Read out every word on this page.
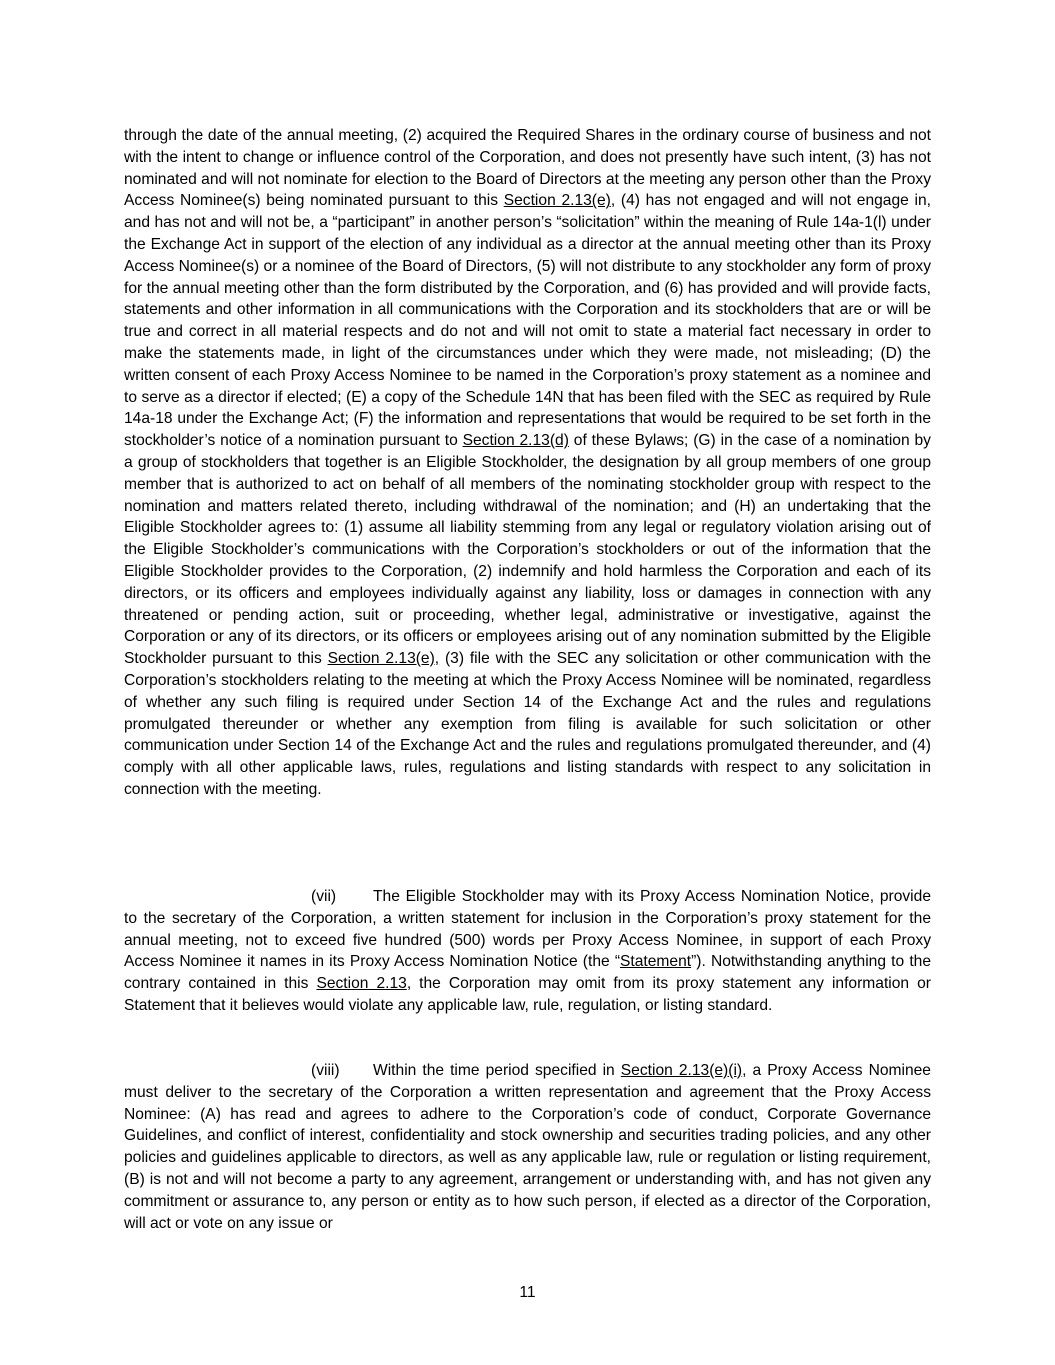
through the date of the annual meeting, (2) acquired the Required Shares in the ordinary course of business and not with the intent to change or influence control of the Corporation, and does not presently have such intent, (3) has not nominated and will not nominate for election to the Board of Directors at the meeting any person other than the Proxy Access Nominee(s) being nominated pursuant to this Section 2.13(e), (4) has not engaged and will not engage in, and has not and will not be, a “participant” in another person’s “solicitation” within the meaning of Rule 14a-1(l) under the Exchange Act in support of the election of any individual as a director at the annual meeting other than its Proxy Access Nominee(s) or a nominee of the Board of Directors, (5) will not distribute to any stockholder any form of proxy for the annual meeting other than the form distributed by the Corporation, and (6) has provided and will provide facts, statements and other information in all communications with the Corporation and its stockholders that are or will be true and correct in all material respects and do not and will not omit to state a material fact necessary in order to make the statements made, in light of the circumstances under which they were made, not misleading; (D) the written consent of each Proxy Access Nominee to be named in the Corporation’s proxy statement as a nominee and to serve as a director if elected; (E) a copy of the Schedule 14N that has been filed with the SEC as required by Rule 14a-18 under the Exchange Act; (F) the information and representations that would be required to be set forth in the stockholder’s notice of a nomination pursuant to Section 2.13(d) of these Bylaws; (G) in the case of a nomination by a group of stockholders that together is an Eligible Stockholder, the designation by all group members of one group member that is authorized to act on behalf of all members of the nominating stockholder group with respect to the nomination and matters related thereto, including withdrawal of the nomination; and (H) an undertaking that the Eligible Stockholder agrees to: (1) assume all liability stemming from any legal or regulatory violation arising out of the Eligible Stockholder’s communications with the Corporation’s stockholders or out of the information that the Eligible Stockholder provides to the Corporation, (2) indemnify and hold harmless the Corporation and each of its directors, or its officers and employees individually against any liability, loss or damages in connection with any threatened or pending action, suit or proceeding, whether legal, administrative or investigative, against the Corporation or any of its directors, or its officers or employees arising out of any nomination submitted by the Eligible Stockholder pursuant to this Section 2.13(e), (3) file with the SEC any solicitation or other communication with the Corporation’s stockholders relating to the meeting at which the Proxy Access Nominee will be nominated, regardless of whether any such filing is required under Section 14 of the Exchange Act and the rules and regulations promulgated thereunder or whether any exemption from filing is available for such solicitation or other communication under Section 14 of the Exchange Act and the rules and regulations promulgated thereunder, and (4) comply with all other applicable laws, rules, regulations and listing standards with respect to any solicitation in connection with the meeting.

(vii) The Eligible Stockholder may with its Proxy Access Nomination Notice, provide to the secretary of the Corporation, a written statement for inclusion in the Corporation’s proxy statement for the annual meeting, not to exceed five hundred (500) words per Proxy Access Nominee, in support of each Proxy Access Nominee it names in its Proxy Access Nomination Notice (the “Statement”). Notwithstanding anything to the contrary contained in this Section 2.13, the Corporation may omit from its proxy statement any information or Statement that it believes would violate any applicable law, rule, regulation, or listing standard.

(viii) Within the time period specified in Section 2.13(e)(i), a Proxy Access Nominee must deliver to the secretary of the Corporation a written representation and agreement that the Proxy Access Nominee: (A) has read and agrees to adhere to the Corporation’s code of conduct, Corporate Governance Guidelines, and conflict of interest, confidentiality and stock ownership and securities trading policies, and any other policies and guidelines applicable to directors, as well as any applicable law, rule or regulation or listing requirement, (B) is not and will not become a party to any agreement, arrangement or understanding with, and has not given any commitment or assurance to, any person or entity as to how such person, if elected as a director of the Corporation, will act or vote on any issue or

11
